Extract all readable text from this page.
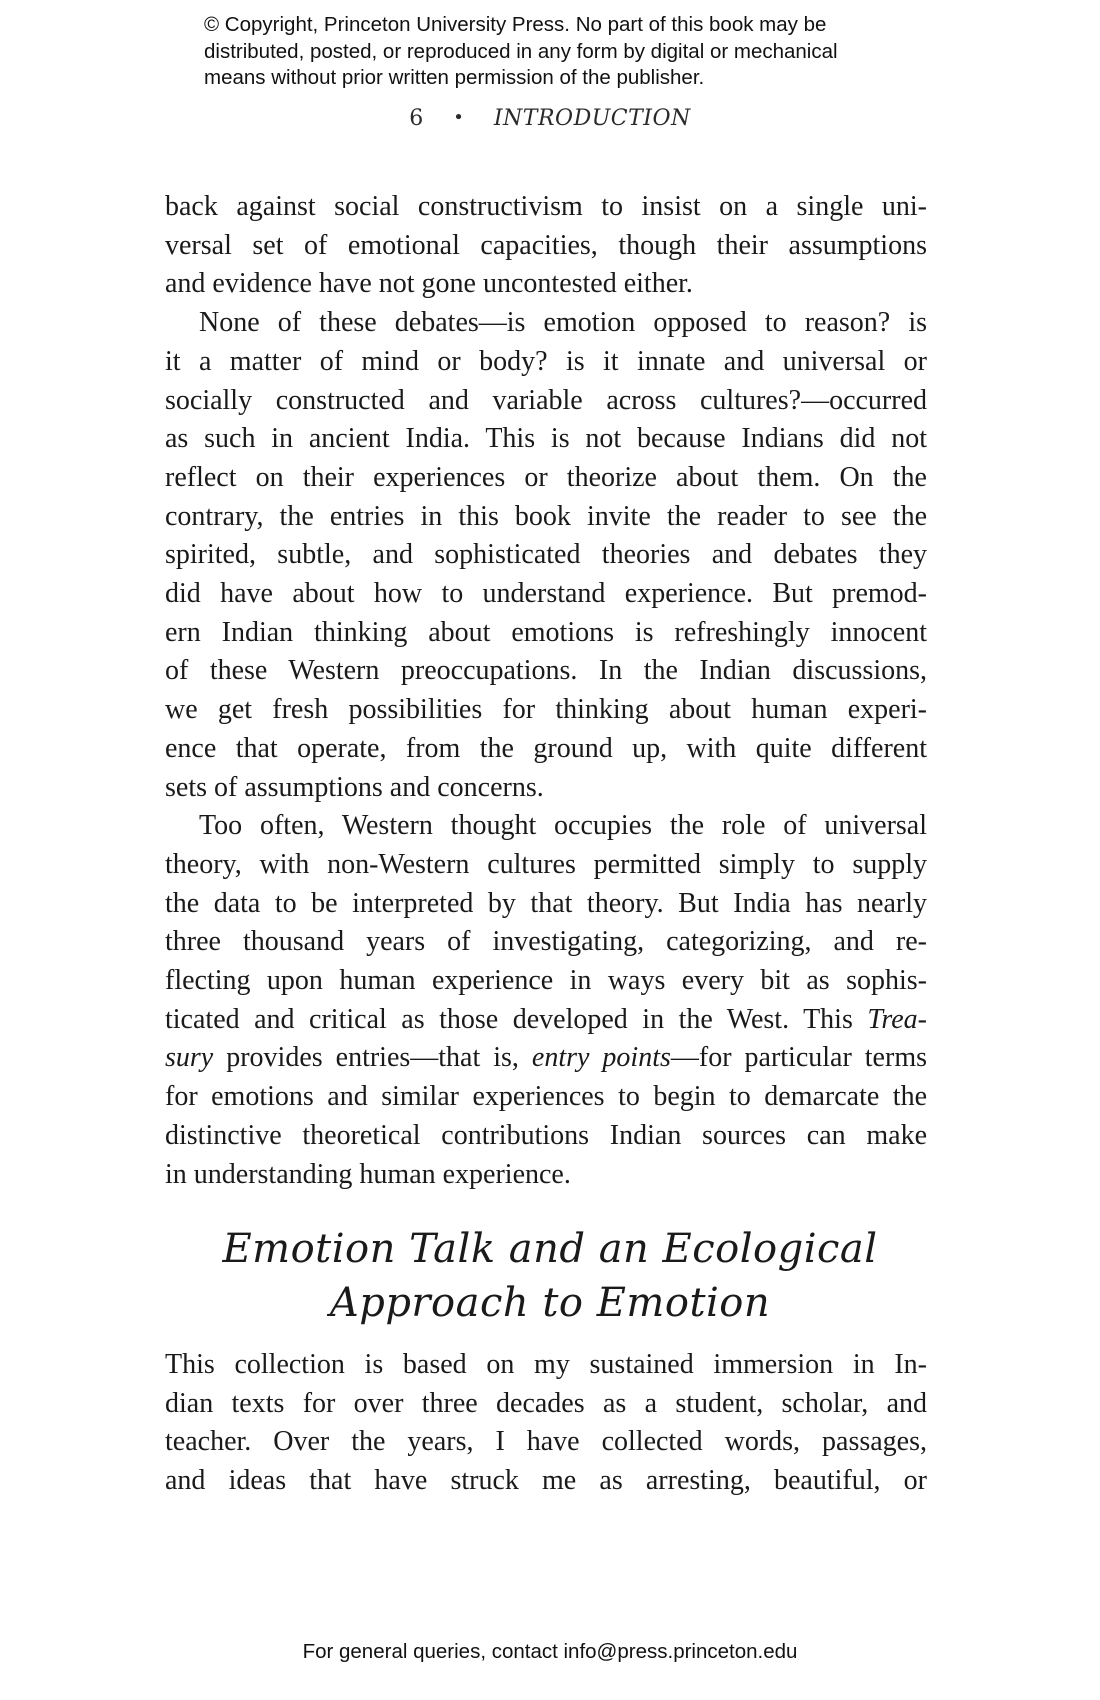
© Copyright, Princeton University Press. No part of this book may be
distributed, posted, or reproduced in any form by digital or mechanical
means without prior written permission of the publisher.
6 • INTRODUCTION

back against social constructivism to insist on a single uni-
versal set of emotional capacities, though their assumptions
and evidence have not gone uncontested either.

None of these debates—is emotion opposed to reason? is
it a matter of mind or body? is it innate and universal or
socially constructed and variable across cultures?—occurred
as such in ancient India. This is not because Indians did not
reflect on their experiences or theorize about them. On the
contrary, the entries in this book invite the reader to see the
spirited, subtle, and sophisticated theories and debates they
did have about how to understand experience. But premod-
ern Indian thinking about emotions is refreshingly innocent
of these Western preoccupations. In the Indian discussions,
we get fresh possibilities for thinking about human experi-
ence that operate, from the ground up, with quite different
sets of assumptions and concerns.

Too often, Western thought occupies the role of universal
theory, with non-Western cultures permitted simply to supply
the data to be interpreted by that theory. But India has nearly
three thousand years of investigating, categorizing, and re-
flecting upon human experience in ways every bit as sophis-
ticated and critical as those developed in the West. This Trea-
sury provides entries—that is, entry points—for particular terms
for emotions and similar experiences to begin to demarcate the
distinctive theoretical contributions Indian sources can make
in understanding human experience.

Emotion Talk and an Ecological
Approach to Emotion
This collection is based on my sustained immersion in In-
dian texts for over three decades as a student, scholar, and
teacher. Over the years, I have collected words, passages,
and ideas that have struck me as arresting, beautiful, or
For general queries, contact info@press.princeton.edu
